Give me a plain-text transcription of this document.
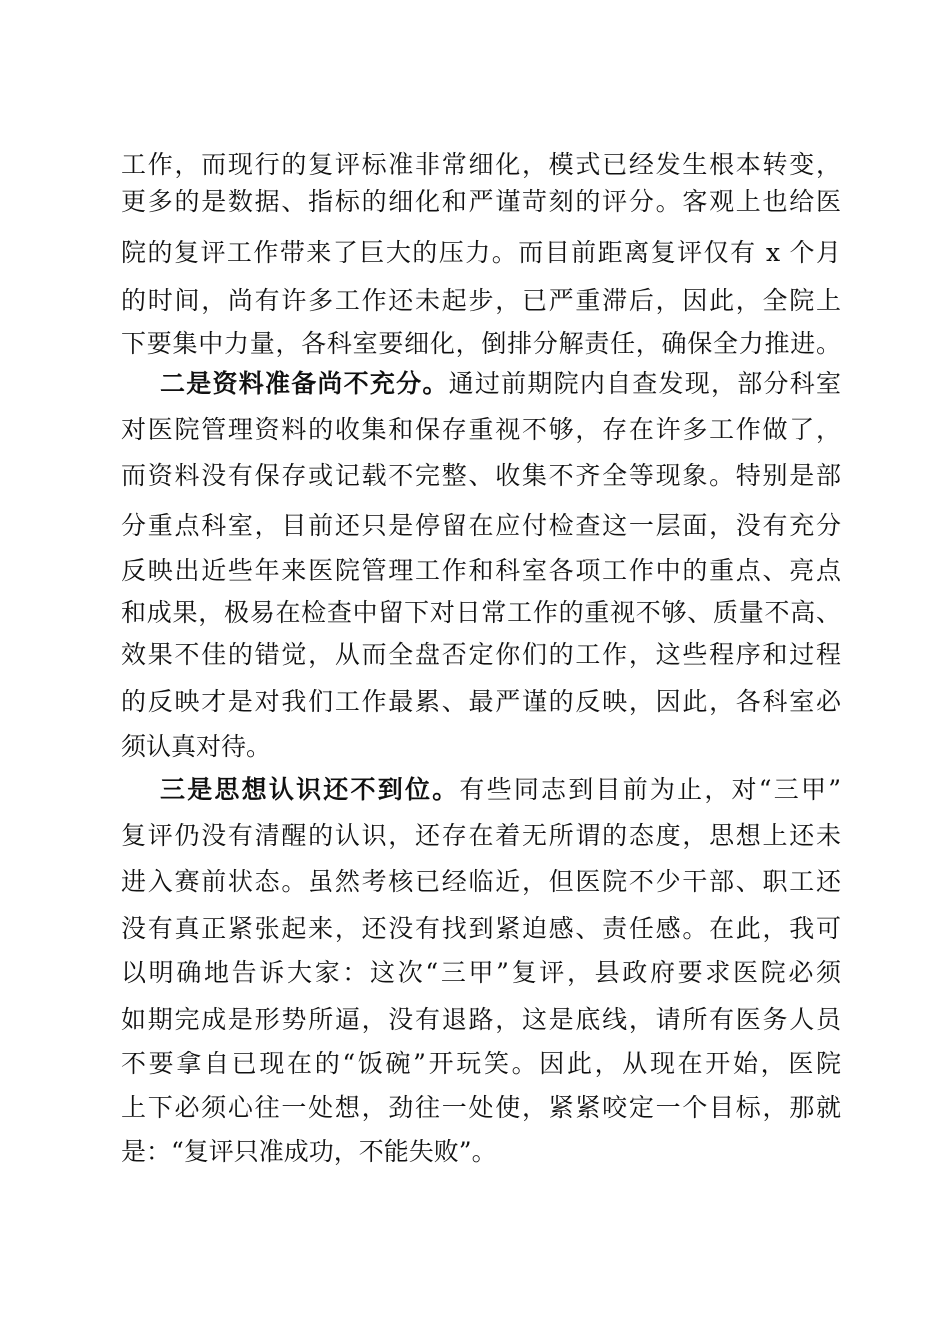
工作，而现行的复评标准非常细化，模式已经发生根本转变，
更多的是数据、指标的细化和严谨苛刻的评分。客观上也给医
院的复评工作带来了巨大的压力。而目前距离复评仅有 x 个月
的时间，尚有许多工作还未起步，已严重滞后，因此，全院上
下要集中力量，各科室要细化，倒排分解责任，确保全力推进。
二是资料准备尚不充分。通过前期院内自查发现，部分科室
对医院管理资料的收集和保存重视不够，存在许多工作做了，
而资料没有保存或记载不完整、收集不齐全等现象。特别是部
分重点科室，目前还只是停留在应付检查这一层面，没有充分
反映出近些年来医院管理工作和科室各项工作中的重点、亮点
和成果，极易在检查中留下对日常工作的重视不够、质量不高、
效果不佳的错觉，从而全盘否定你们的工作，这些程序和过程
的反映才是对我们工作最累、最严谨的反映，因此，各科室必
须认真对待。
三是思想认识还不到位。有些同志到目前为止，对“三甲”
复评仍没有清醒的认识，还存在着无所谓的态度，思想上还未
进入赛前状态。虽然考核已经临近，但医院不少干部、职工还
没有真正紧张起来，还没有找到紧迫感、责任感。在此，我可
以明确地告诉大家：这次“三甲”复评，县政府要求医院必须
如期完成是形势所逼，没有退路，这是底线，请所有医务人员
不要拿自已现在的“饭碗”开玩笑。因此，从现在开始，医院
上下必须心往一处想，劲往一处使，紧紧咬定一个目标，那就
是：“复评只准成功，不能失败”。
